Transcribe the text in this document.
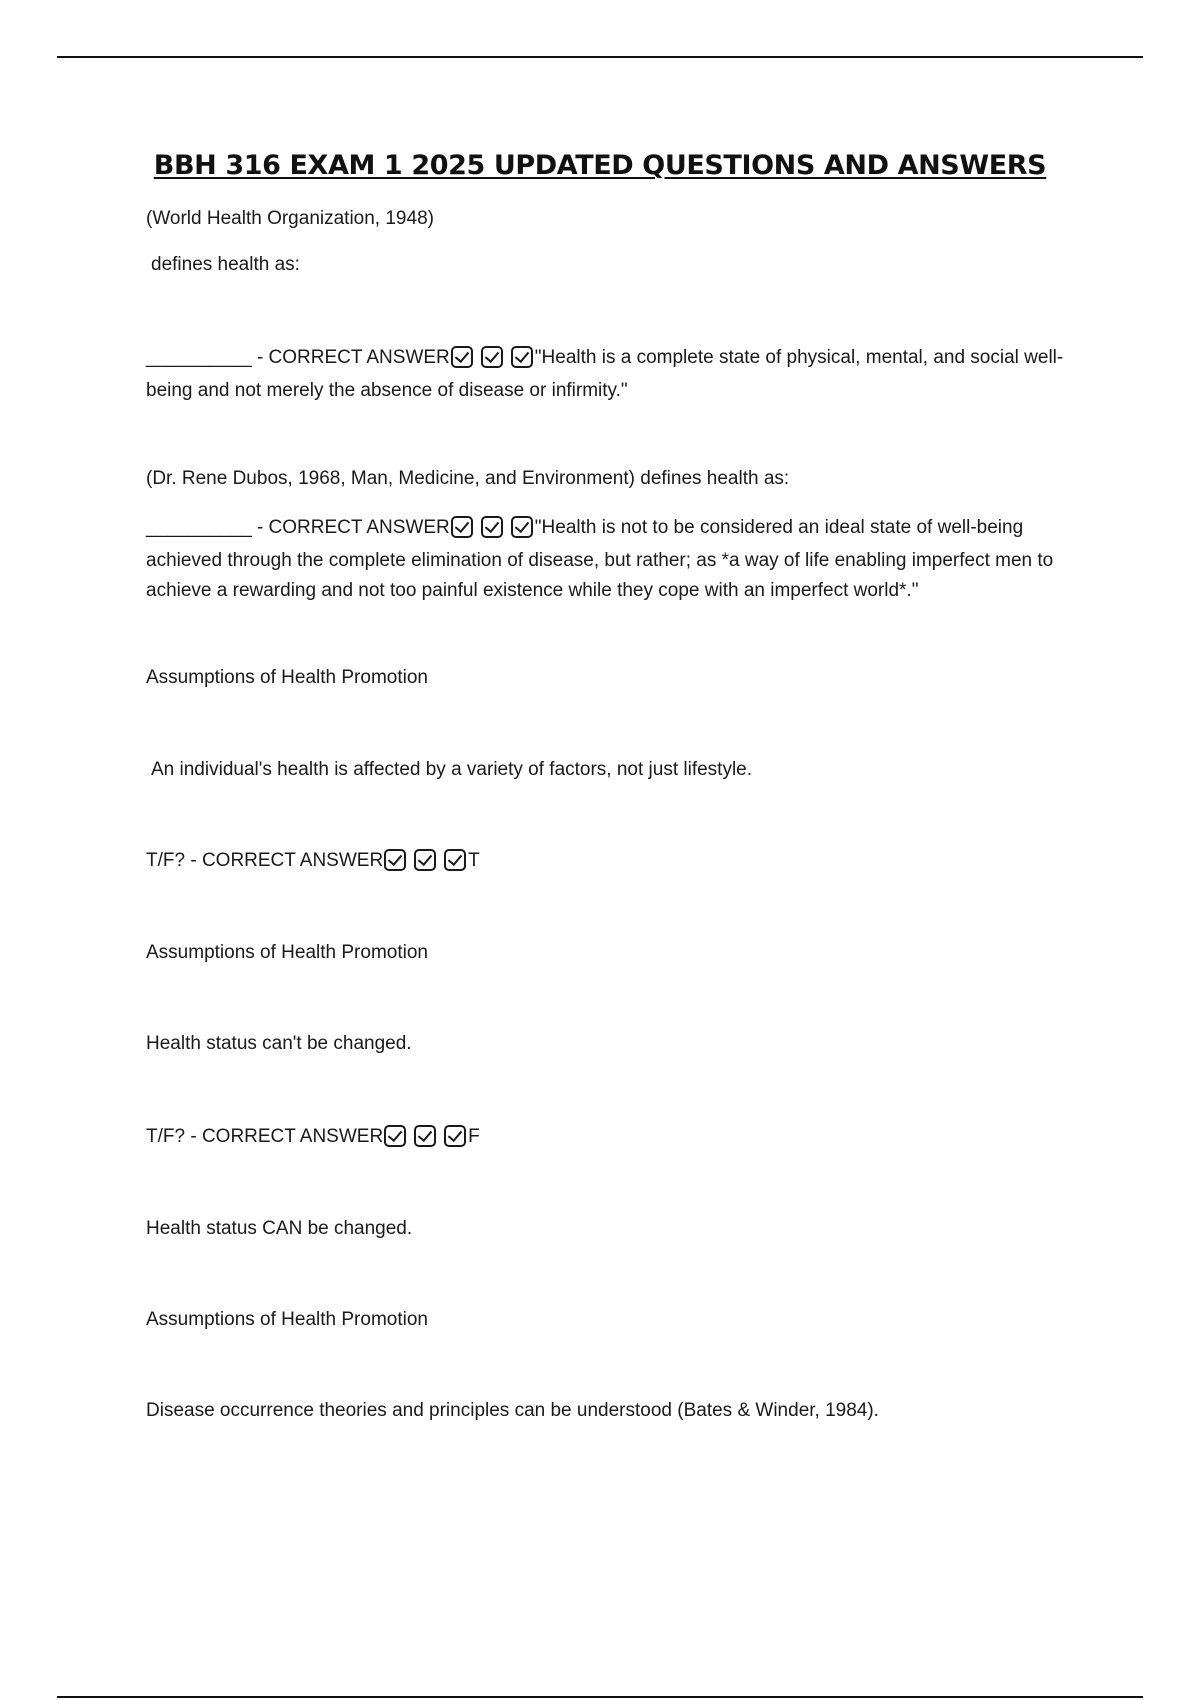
BBH 316 EXAM 1 2025 UPDATED QUESTIONS AND ANSWERS
(World Health Organization, 1948)
defines health as:
__________ - CORRECT ANSWER	"Health is a complete state of physical, mental, and social well-being and not merely the absence of disease or infirmity."
(Dr. Rene Dubos, 1968, Man, Medicine, and Environment) defines health as:
__________ - CORRECT ANSWER	"Health is not to be considered an ideal state of well-being achieved through the complete elimination of disease, but rather; as *a way of life enabling imperfect men to achieve a rewarding and not too painful existence while they cope with an imperfect world*."
Assumptions of Health Promotion
An individual's health is affected by a variety of factors, not just lifestyle.
T/F? - CORRECT ANSWER	T
Assumptions of Health Promotion
Health status can't be changed.
T/F? - CORRECT ANSWER	F
Health status CAN be changed.
Assumptions of Health Promotion
Disease occurrence theories and principles can be understood (Bates & Winder, 1984).
